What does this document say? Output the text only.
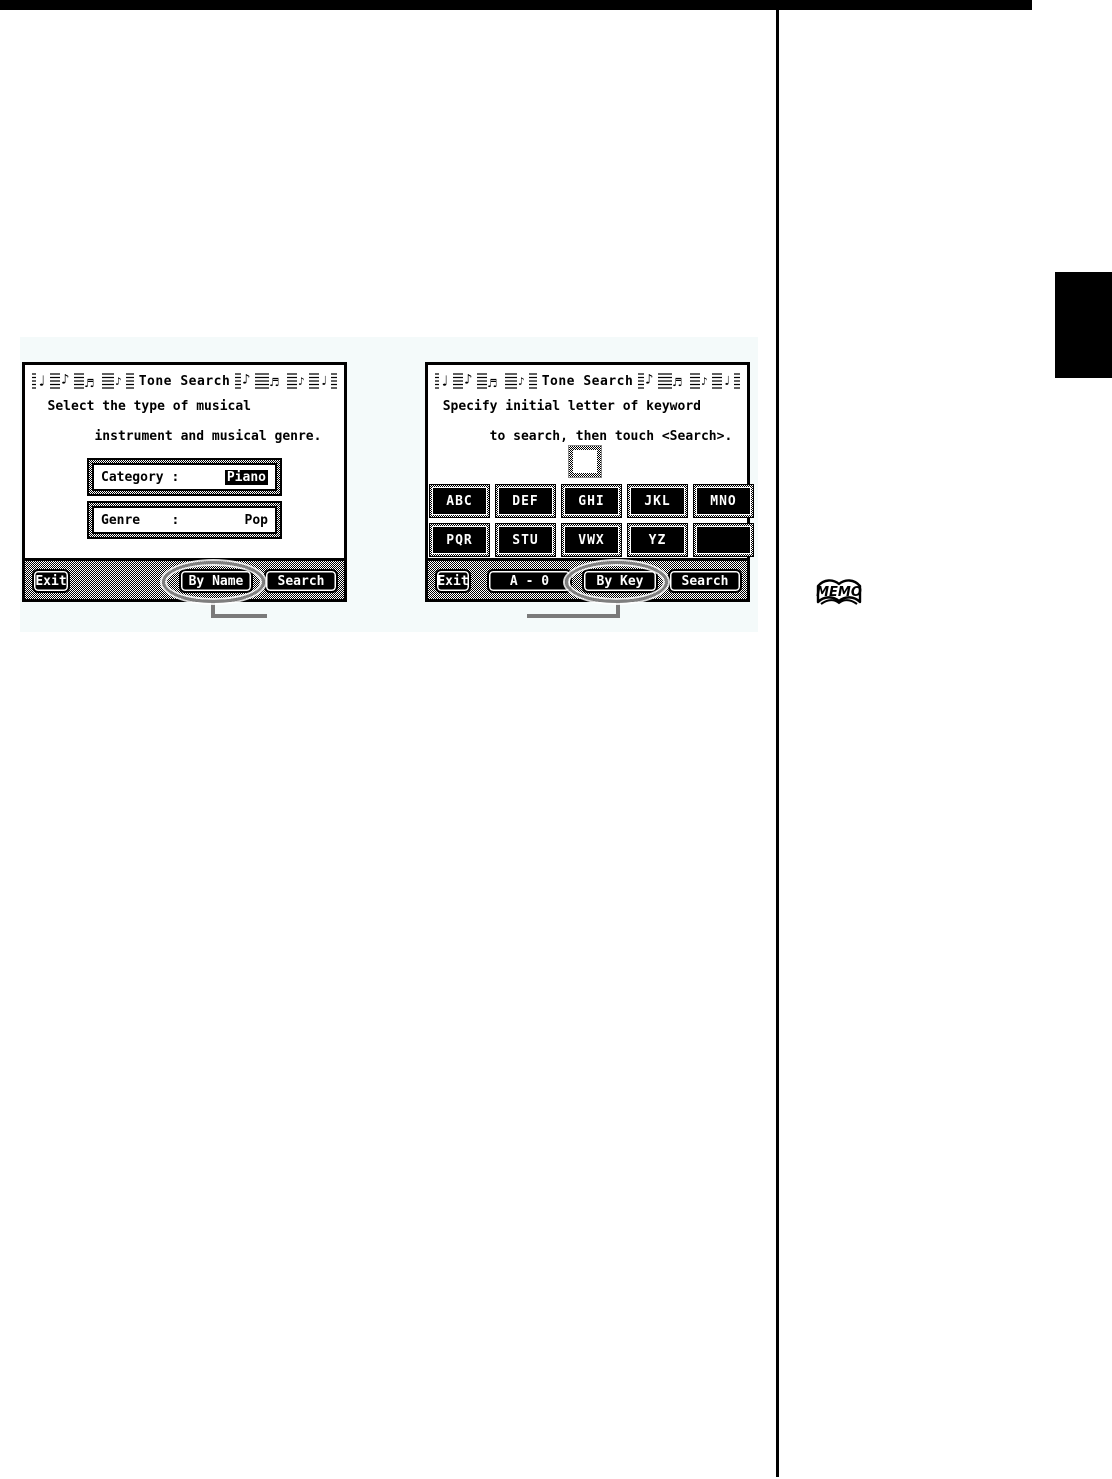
♩ ♪ ♬ ♪ Tone Search ♪ ♬ ♪ ♩
Select the type of musical

instrument and musical genre.
Category :	Piano
Genre    :	Pop
Exit	By Name	Search
♩ ♪ ♬ ♪ Tone Search ♪ ♬ ♪ ♩
Specify initial letter of keyword

to search, then touch <Search>.
ABC	DEF	GHI	JKL	MNO
PQR	STU	VWX	YZ
Exit	A - 0	By Key	Search
MEMO
